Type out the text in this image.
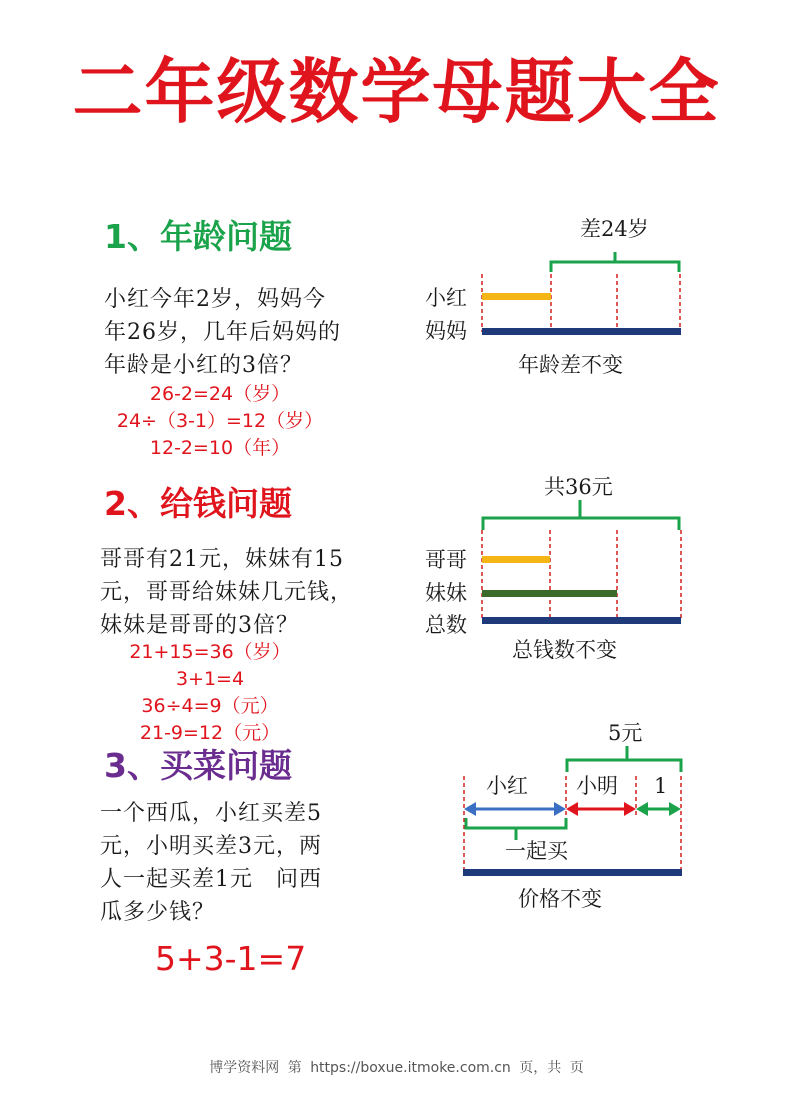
二年级数学母题大全
1、年龄问题
小红今年2岁，妈妈今
年26岁，几年后妈妈的
年龄是小红的3倍？
26-2=24（岁）
24÷（3-1）=12（岁）
12-2=10（年）
差24岁
小红
妈妈
年龄差不变
2、给钱问题
哥哥有21元，妹妹有15
元，哥哥给妹妹几元钱，
妹妹是哥哥的3倍？
21+15=36（岁）
3+1=4
36÷4=9（元）
21-9=12（元）
共36元
哥哥
妹妹
总数
总钱数不变
3、买菜问题
一个西瓜，小红买差5
元，小明买差3元，两
人一起买差1元　问西
瓜多少钱？
5+3-1=7
5元
小红 小明 1
一起买
价格不变
博学资料网 第 https://boxue.itmoke.com.cn 页，共 页
